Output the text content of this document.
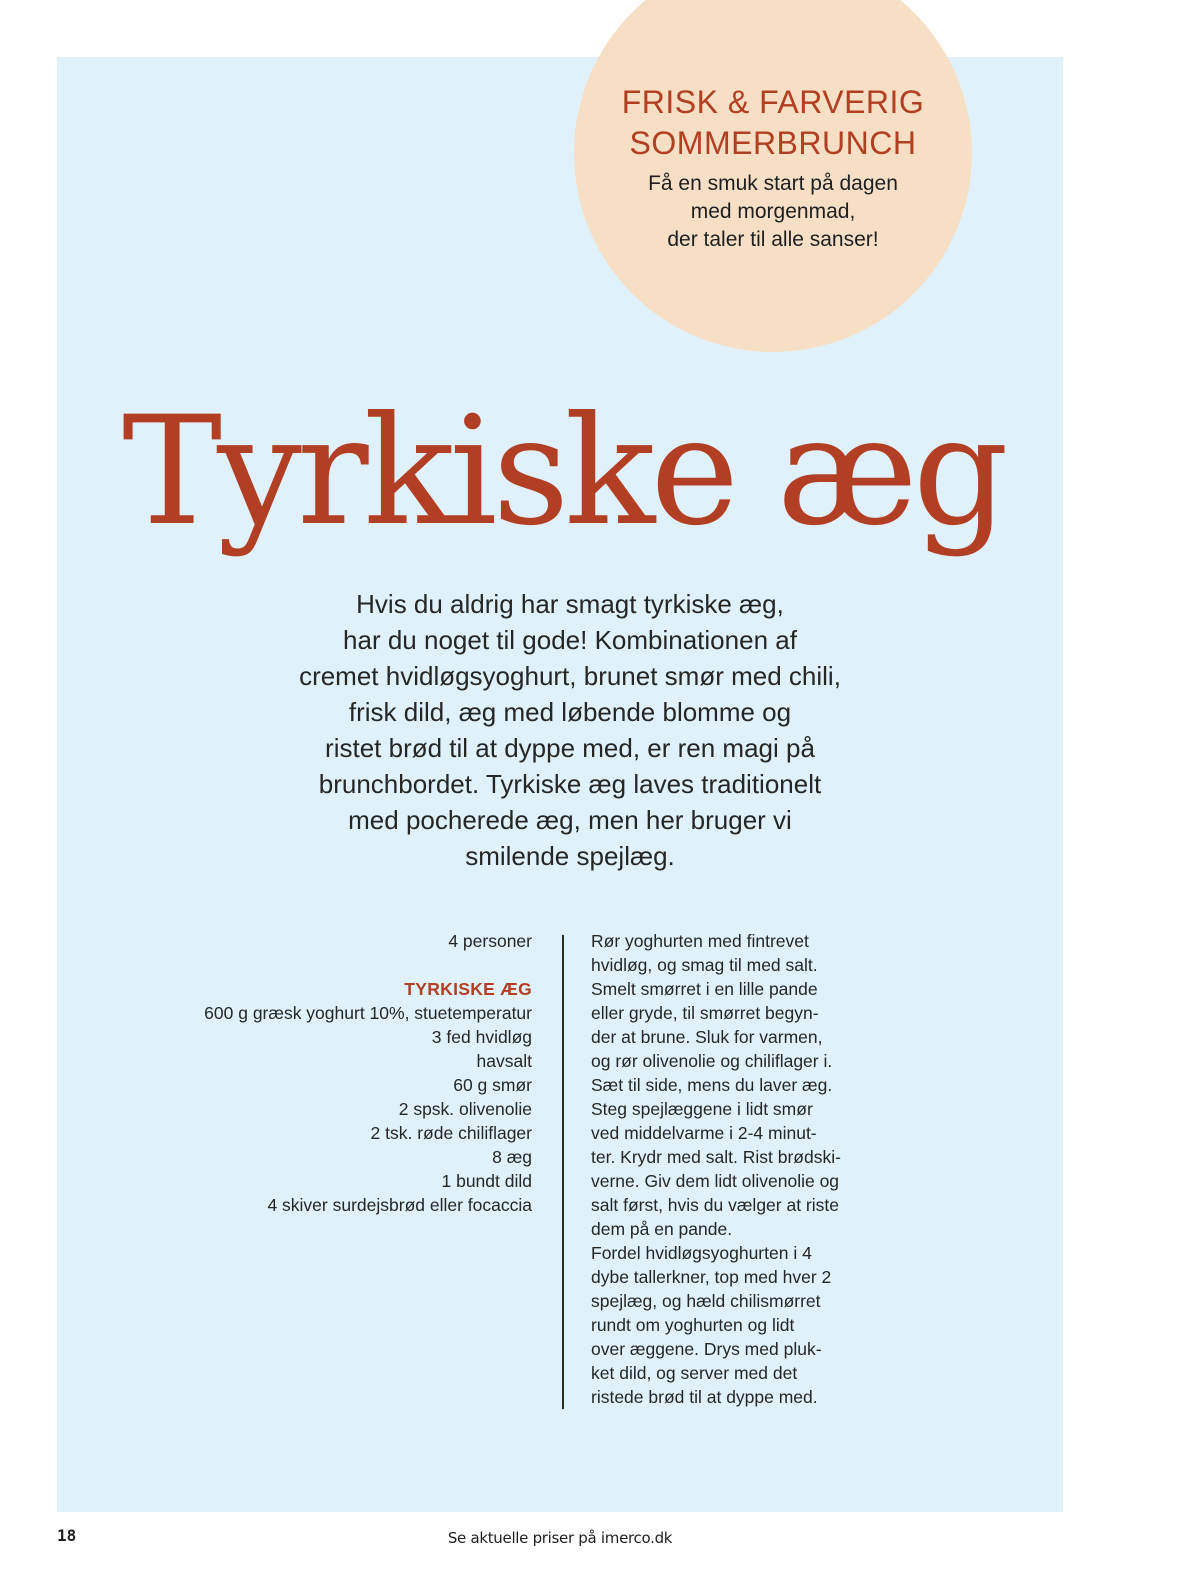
FRISK & FARVERIG
SOMMERBRUNCH
Få en smuk start på dagen
med morgenmad,
der taler til alle sanser!
Tyrkiske æg
Hvis du aldrig har smagt tyrkiske æg,
har du noget til gode! Kombinationen af
cremet hvidløgsyoghurt, brunet smør med chili,
frisk dild, æg med løbende blomme og
ristet brød til at dyppe med, er ren magi på
brunchbordet. Tyrkiske æg laves traditionelt
med pocherede æg, men her bruger vi
smilende spejlæg.
4 personer
TYRKISKE ÆG
600 g græsk yoghurt 10%, stuetemperatur
3 fed hvidløg
havsalt
60 g smør
2 spsk. olivenolie
2 tsk. røde chiliflager
8 æg
1 bundt dild
4 skiver surdejsbrød eller focaccia
Rør yoghurten med fintrevet
hvidløg, og smag til med salt.
Smelt smørret i en lille pande
eller gryde, til smørret begyn-
der at brune. Sluk for varmen,
og rør olivenolie og chiliflager i.
Sæt til side, mens du laver æg.
Steg spejlæggene i lidt smør
ved middelvarme i 2-4 minut-
ter. Krydr med salt. Rist brødski-
verne. Giv dem lidt olivenolie og
salt først, hvis du vælger at riste
dem på en pande.
Fordel hvidløgsyoghurten i 4
dybe tallerkner, top med hver 2
spejlæg, og hæld chilismørret
rundt om yoghurten og lidt
over æggene. Drys med pluk-
ket dild, og server med det
ristede brød til at dyppe med.
18	Se aktuelle priser på imerco.dk
